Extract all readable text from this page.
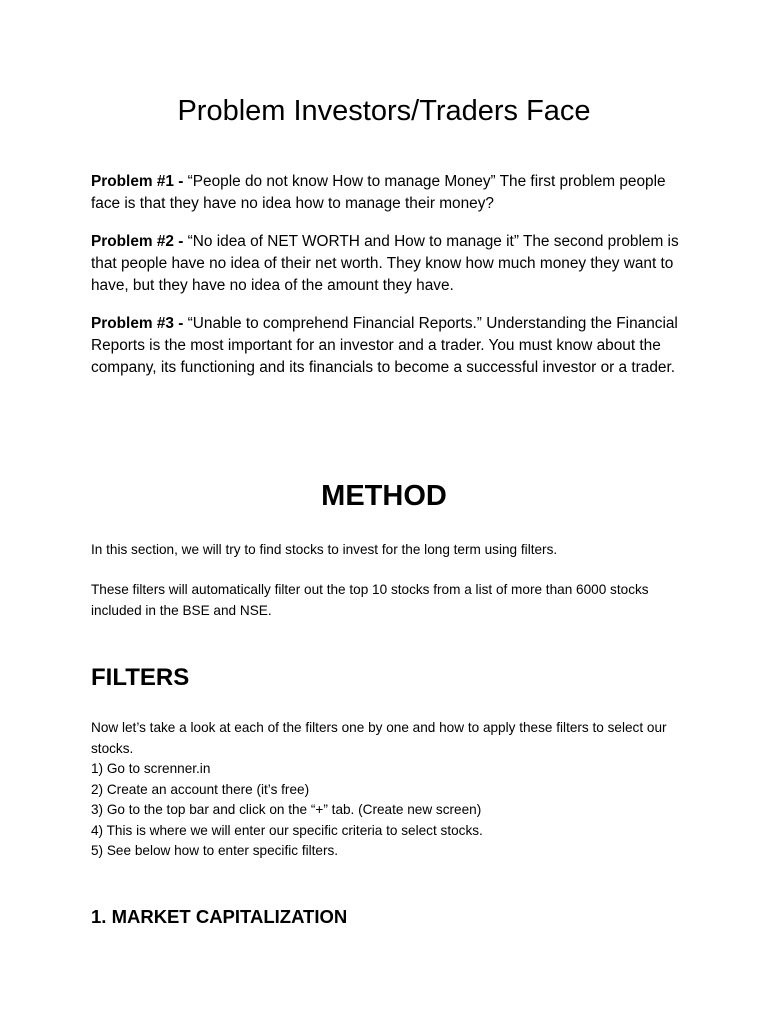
Problem Investors/Traders Face

Problem #1 - “People do not know How to manage Money” The first problem people face is that they have no idea how to manage their money?

Problem #2 - “No idea of NET WORTH and How to manage it” The second problem is that people have no idea of their net worth. They know how much money they want to have, but they have no idea of the amount they have.

Problem #3 - “Unable to comprehend Financial Reports.” Understanding the Financial Reports is the most important for an investor and a trader. You must know about the company, its functioning and its financials to become a successful investor or a trader.

METHOD

In this section, we will try to find stocks to invest for the long term using filters.

These filters will automatically filter out the top 10 stocks from a list of more than 6000 stocks included in the BSE and NSE.

FILTERS

Now let’s take a look at each of the filters one by one and how to apply these filters to select our stocks.

1) Go to screnner.in

2) Create an account there (it’s free)

3) Go to the top bar and click on the “+” tab. (Create new screen)

4) This is where we will enter our specific criteria to select stocks.

5) See below how to enter specific filters.

1. MARKET CAPITALIZATION
